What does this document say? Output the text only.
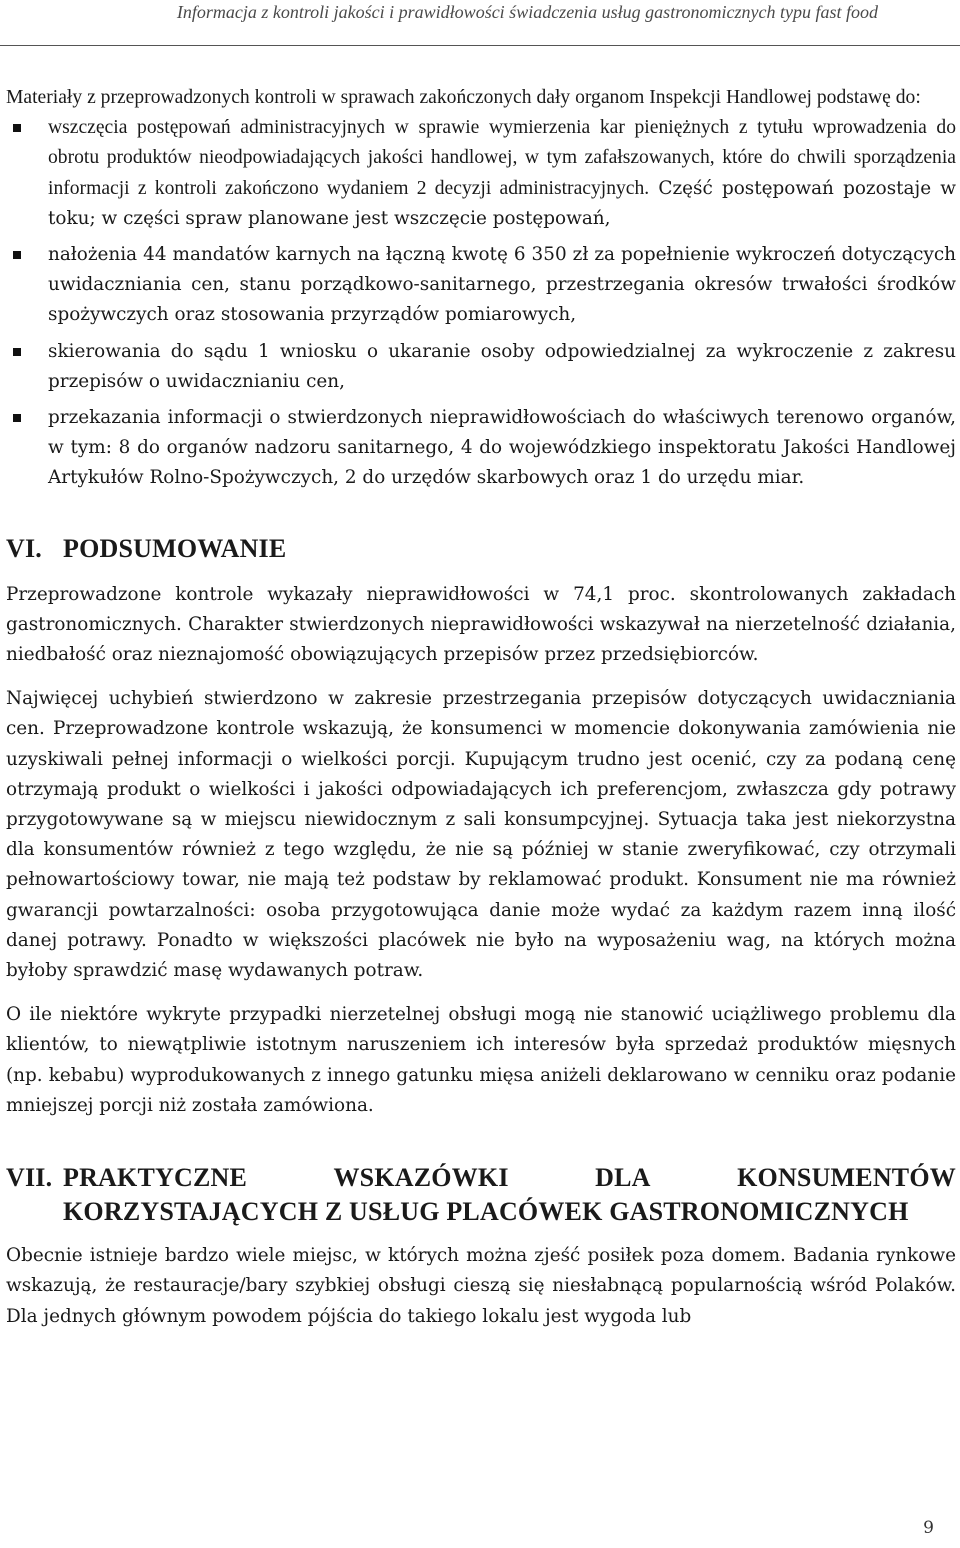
Informacja z kontroli jakości i prawidłowości świadczenia usług gastronomicznych typu fast food

Materiały z przeprowadzonych kontroli w sprawach zakończonych dały organom Inspekcji Handlowej podstawę do:

wszczęcia postępowań administracyjnych w sprawie wymierzenia kar pieniężnych z tytułu wprowadzenia do obrotu produktów nieodpowiadających jakości handlowej, w tym zafałszowanych, które do chwili sporządzenia informacji z kontroli zakończono wydaniem 2 decyzji administracyjnych. Część postępowań pozostaje w toku; w części spraw planowane jest wszczęcie postępowań,
nałożenia 44 mandatów karnych na łączną kwotę 6 350 zł za popełnienie wykroczeń dotyczących uwidaczniania cen, stanu porządkowo-sanitarnego, przestrzegania okresów trwałości środków spożywczych oraz stosowania przyrządów pomiarowych,
skierowania do sądu 1 wniosku o ukaranie osoby odpowiedzialnej za wykroczenie z zakresu przepisów o uwidacznianiu cen,
przekazania informacji o stwierdzonych nieprawidłowościach do właściwych terenowo organów, w tym: 8 do organów nadzoru sanitarnego, 4 do wojewódzkiego inspektoratu Jakości Handlowej Artykułów Rolno-Spożywczych, 2 do urzędów skarbowych oraz 1 do urzędu miar.
VI. PODSUMOWANIE

Przeprowadzone kontrole wykazały nieprawidłowości w 74,1 proc. skontrolowanych zakładach gastronomicznych. Charakter stwierdzonych nieprawidłowości wskazywał na nierzetelność działania, niedbałość oraz nieznajomość obowiązujących przepisów przez przedsiębiorców.

Najwięcej uchybień stwierdzono w zakresie przestrzegania przepisów dotyczących uwidaczniania cen. Przeprowadzone kontrole wskazują, że konsumenci w momencie dokonywania zamówienia nie uzyskiwali pełnej informacji o wielkości porcji. Kupującym trudno jest ocenić, czy za podaną cenę otrzymają produkt o wielkości i jakości odpowiadających ich preferencjom, zwłaszcza gdy potrawy przygotowywane są w miejscu niewidocznym z sali konsumpcyjnej. Sytuacja taka jest niekorzystna dla konsumentów również z tego względu, że nie są później w stanie zweryfikować, czy otrzymali pełnowartościowy towar, nie mają też podstaw by reklamować produkt. Konsument nie ma również gwarancji powtarzalności: osoba przygotowująca danie może wydać za każdym razem inną ilość danej potrawy. Ponadto w większości placówek nie było na wyposażeniu wag, na których można byłoby sprawdzić masę wydawanych potraw.

O ile niektóre wykryte przypadki nierzetelnej obsługi mogą nie stanowić uciążliwego problemu dla klientów, to niewątpliwie istotnym naruszeniem ich interesów była sprzedaż produktów mięsnych (np. kebabu) wyprodukowanych z innego gatunku mięsa aniżeli deklarowano w cenniku oraz podanie mniejszej porcji niż została zamówiona.

VII. PRAKTYCZNE	WSKAZÓWKI	DLA	KONSUMENTÓW
KORZYSTAJĄCYCH Z USŁUG PLACÓWEK GASTRONOMICZNYCH

Obecnie istnieje bardzo wiele miejsc, w których można zjeść posiłek poza domem. Badania rynkowe wskazują, że restauracje/bary szybkiej obsługi cieszą się niesłabnącą popularnością wśród Polaków. Dla jednych głównym powodem pójścia do takiego lokalu jest wygoda lub

9
